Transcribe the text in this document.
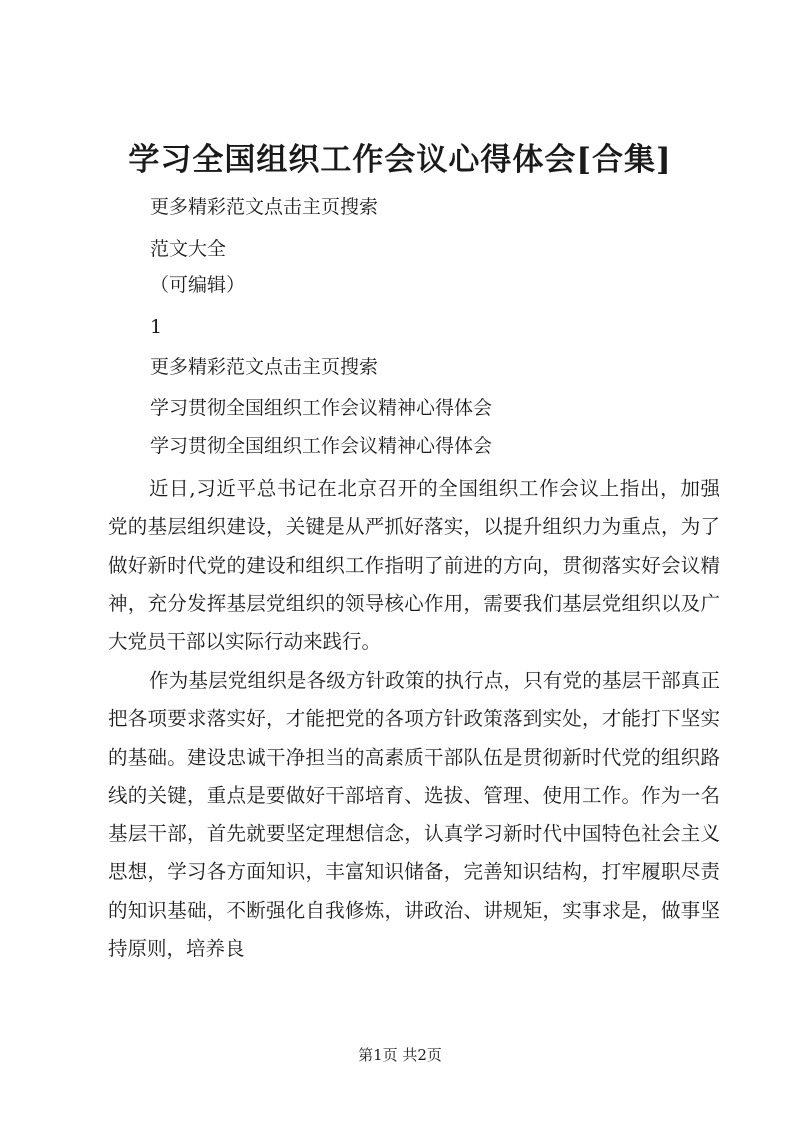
学习全国组织工作会议心得体会[合集]

更多精彩范文点击主页搜索

范文大全

（可编辑）

1

更多精彩范文点击主页搜索

学习贯彻全国组织工作会议精神心得体会

学习贯彻全国组织工作会议精神心得体会

近日,习近平总书记在北京召开的全国组织工作会议上指出，加强党的基层组织建设，关键是从严抓好落实，以提升组织力为重点，为了做好新时代党的建设和组织工作指明了前进的方向，贯彻落实好会议精神，充分发挥基层党组织的领导核心作用，需要我们基层党组织以及广大党员干部以实际行动来践行。

作为基层党组织是各级方针政策的执行点，只有党的基层干部真正把各项要求落实好，才能把党的各项方针政策落到实处，才能打下坚实的基础。建设忠诚干净担当的高素质干部队伍是贯彻新时代党的组织路线的关键，重点是要做好干部培育、选拔、管理、使用工作。作为一名基层干部，首先就要坚定理想信念，认真学习新时代中国特色社会主义思想，学习各方面知识，丰富知识储备，完善知识结构，打牢履职尽责的知识基础，不断强化自我修炼，讲政治、讲规矩，实事求是，做事坚持原则，培养良

第1页 共2页
